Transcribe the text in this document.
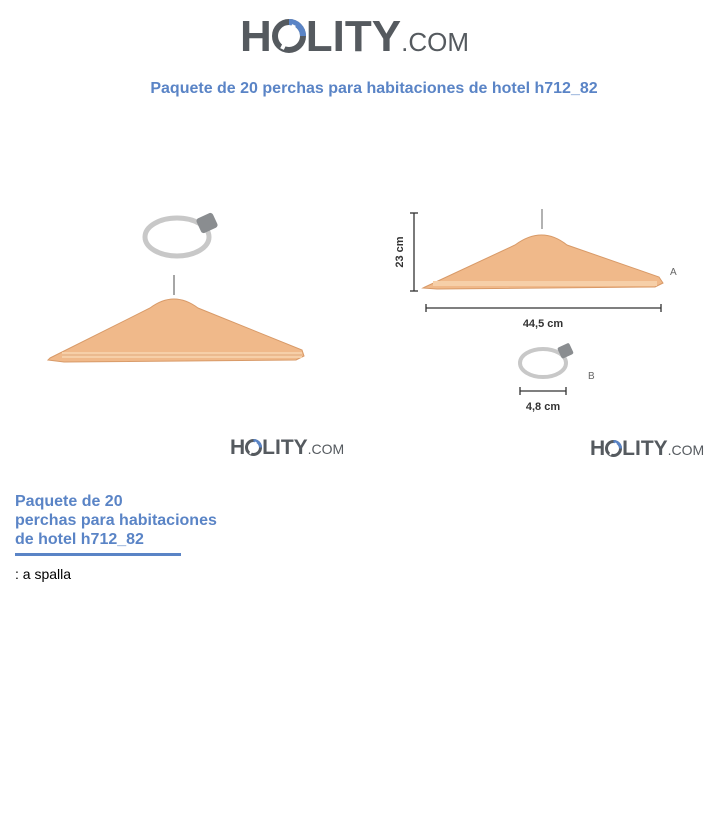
H LITY .COM
Paquete de 20 perchas para habitaciones de hotel h712_82
H LITY .COM
23 cm
A
44,5 cm
B
4,8 cm
H LITY .COM
Paquete de 20
perchas para habitaciones
de hotel h712_82
: a spalla
